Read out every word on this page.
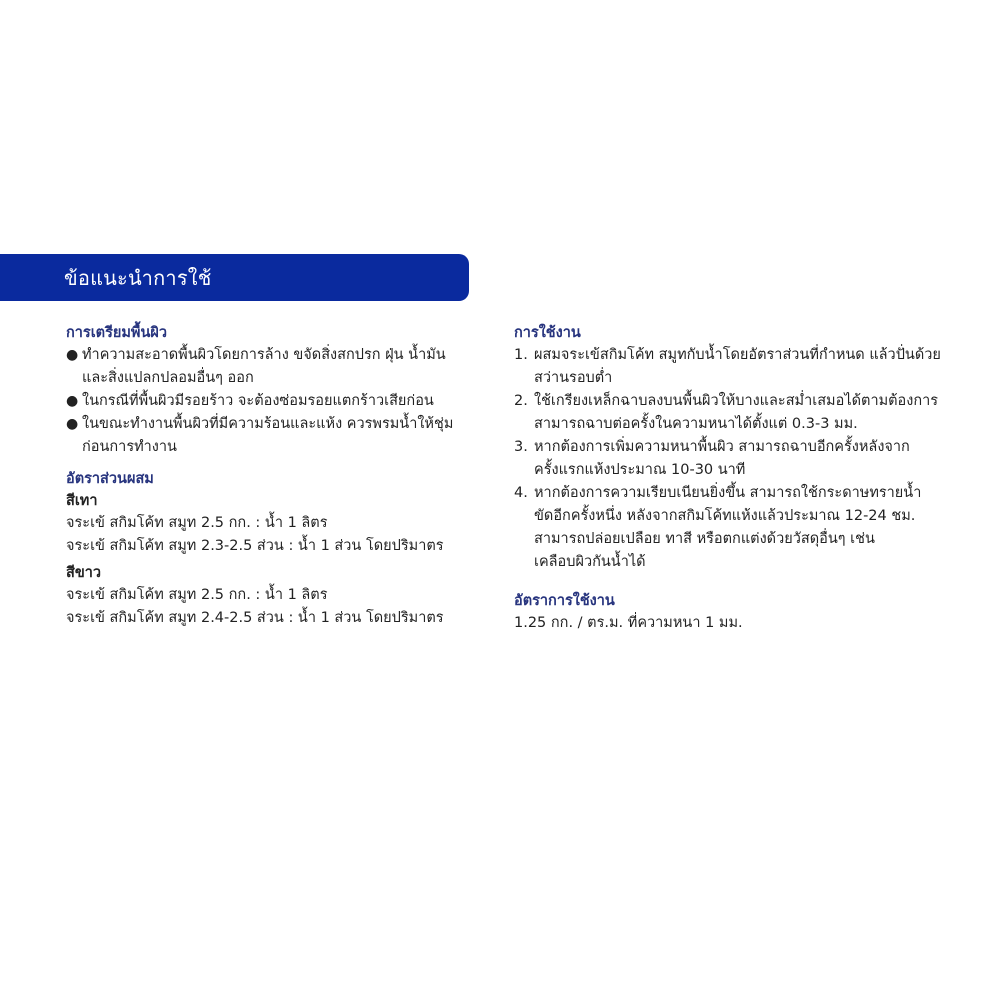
ข้อแนะนำการใช้

การเตรียมพื้นผิว

● ทำความสะอาดพื้นผิวโดยการล้าง ขจัดสิ่งสกปรก ฝุ่น น้ำมัน

และสิ่งแปลกปลอมอื่นๆ ออก

● ในกรณีที่พื้นผิวมีรอยร้าว จะต้องซ่อมรอยแตกร้าวเสียก่อน

● ในขณะทำงานพื้นผิวที่มีความร้อนและแห้ง ควรพรมน้ำให้ชุ่ม

ก่อนการทำงาน

อัตราส่วนผสม

สีเทา

จระเข้ สกิมโค้ท สมูท 2.5 กก. : น้ำ 1 ลิตร

จระเข้ สกิมโค้ท สมูท 2.3-2.5 ส่วน : น้ำ 1 ส่วน โดยปริมาตร

สีขาว

จระเข้ สกิมโค้ท สมูท 2.5 กก. : น้ำ 1 ลิตร

จระเข้ สกิมโค้ท สมูท 2.4-2.5 ส่วน : น้ำ 1 ส่วน โดยปริมาตร

การใช้งาน

1. ผสมจระเข้สกิมโค้ท สมูทกับน้ำโดยอัตราส่วนที่กำหนด แล้วปั่นด้วย

สว่านรอบต่ำ

2. ใช้เกรียงเหล็กฉาบลงบนพื้นผิวให้บางและสม่ำเสมอได้ตามต้องการ

สามารถฉาบต่อครั้งในความหนาได้ตั้งแต่ 0.3-3 มม.

3. หากต้องการเพิ่มความหนาพื้นผิว สามารถฉาบอีกครั้งหลังจาก

ครั้งแรกแห้งประมาณ 10-30 นาที

4. หากต้องการความเรียบเนียนยิ่งขึ้น สามารถใช้กระดาษทรายน้ำ

ขัดอีกครั้งหนึ่ง หลังจากสกิมโค้ทแห้งแล้วประมาณ 12-24 ชม.

สามารถปล่อยเปลือย ทาสี หรือตกแต่งด้วยวัสดุอื่นๆ เช่น

เคลือบผิวกันน้ำได้

อัตราการใช้งาน

1.25 กก. / ตร.ม. ที่ความหนา 1 มม.
